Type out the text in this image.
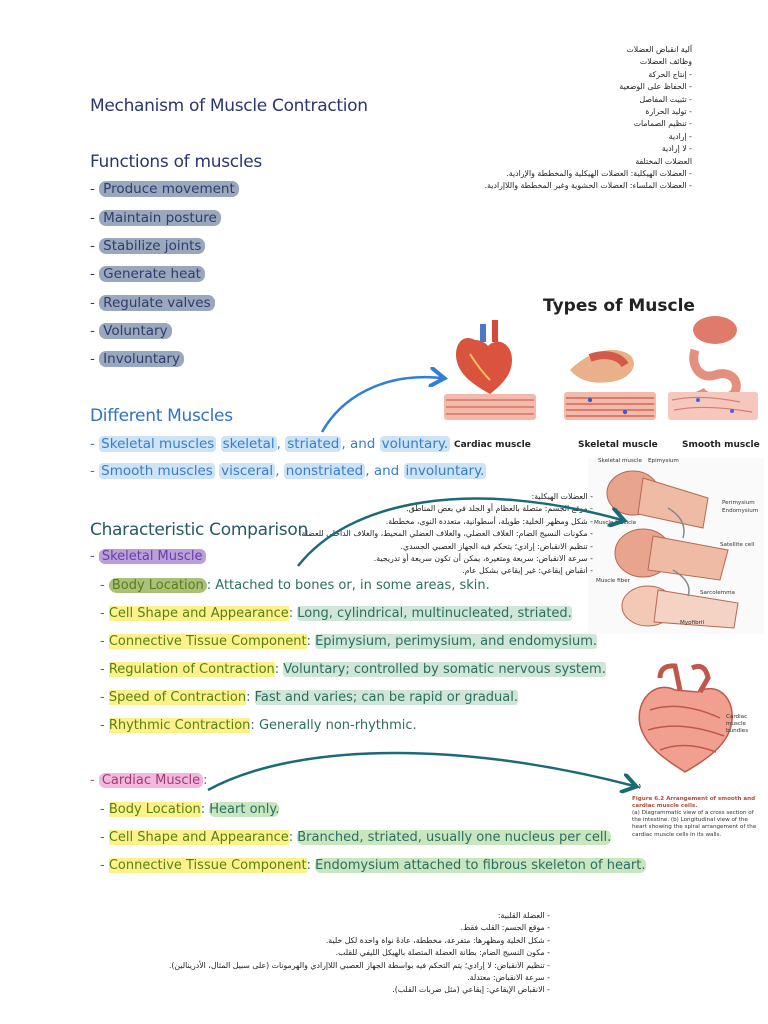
آلية انقباض العضلات
وظائف العضلات
- إنتاج الحركة
- الحفاظ على الوضعية
- تثبيت المفاصل
- توليد الحرارة
- تنظيم الصمامات
- إرادية
- لا إرادية
العضلات المختلفة
- العضلات الهيكلية: العضلات الهيكلية والمخططة والإرادية.
- العضلات الملساء: العضلات الحشوية وغير المخططة واللاإرادية.
Mechanism of Muscle Contraction
Functions of muscles
- Produce movement
- Maintain posture
- Stabilize joints
- Generate heat
- Regulate valves
- Voluntary
- Involuntary
Different Muscles
- Skeletal muscles skeletal , striated , and voluntary.
- Smooth muscles visceral , nonstriated , and involuntary.
Types of Muscle
Cardiac muscle	Skeletal muscle	Smooth muscle
Skeletal muscle Epimysium
Perimysium
Endomysium
Muscle fascicle
Satellite cell
Muscle fiber
Sarcolemma
Myofibril
- العضلات الهيكلية:
- موقع الجسم: متصلة بالعظام أو الجلد في بعض المناطق.
- شكل ومظهر الخلية: طويلة، أسطوانية، متعددة النوى، مخططة.
- مكونات النسيج الضام: الغلاف العضلي، والغلاف العضلي المحيط، والغلاف الداخلي للعضلة.
- تنظيم الانقباض: إرادي؛ يتحكم فيه الجهاز العصبي الجسدي.
- سرعة الانقباض: سريعة ومتغيرة، يمكن أن تكون سريعة أو تدريجية.
- انقباض إيقاعي: غير إيقاعي بشكل عام.
Characteristic Comparison
- Skeletal Muscle
- Body Location : Attached to bones or, in some areas, skin.
- Cell Shape and Appearance: Long, cylindrical, multinucleated, striated.
- Connective Tissue Component: Epimysium, perimysium, and endomysium.
- Regulation of Contraction: Voluntary; controlled by somatic nervous system.
- Speed of Contraction: Fast and varies; can be rapid or gradual.
- Rhythmic Contraction: Generally non-rhythmic.
- Cardiac Muscle :
- Body Location: Heart only.
- Cell Shape and Appearance: Branched, striated, usually one nucleus per cell.
- Connective Tissue Component: Endomysium attached to fibrous skeleton of heart.
Cardiac muscle bundles
(b)
Figure 6.2 Arrangement of smooth and cardiac muscle cells.
(a) Diagrammatic view of a cross section of the intestine. (b) Longitudinal view of the heart showing the spiral arrangement of the cardiac muscle cells in its walls.
- العضلة القلبية:
- موقع الجسم: القلب فقط.
- شكل الخلية ومظهرها: متفرعة، مخططة، عادةً نواة واحدة لكل خلية.
- مكون النسيج الضام: بطانة العضلة المتصلة بالهيكل الليفي للقلب.
- تنظيم الانقباض: لا إرادي؛ يتم التحكم فيه بواسطة الجهاز العصبي اللاإرادي والهرمونات (على سبيل المثال، الأدرينالين).
- سرعة الانقباض: معتدلة.
- الانقباض الإيقاعي: إيقاعي (مثل ضربات القلب).
